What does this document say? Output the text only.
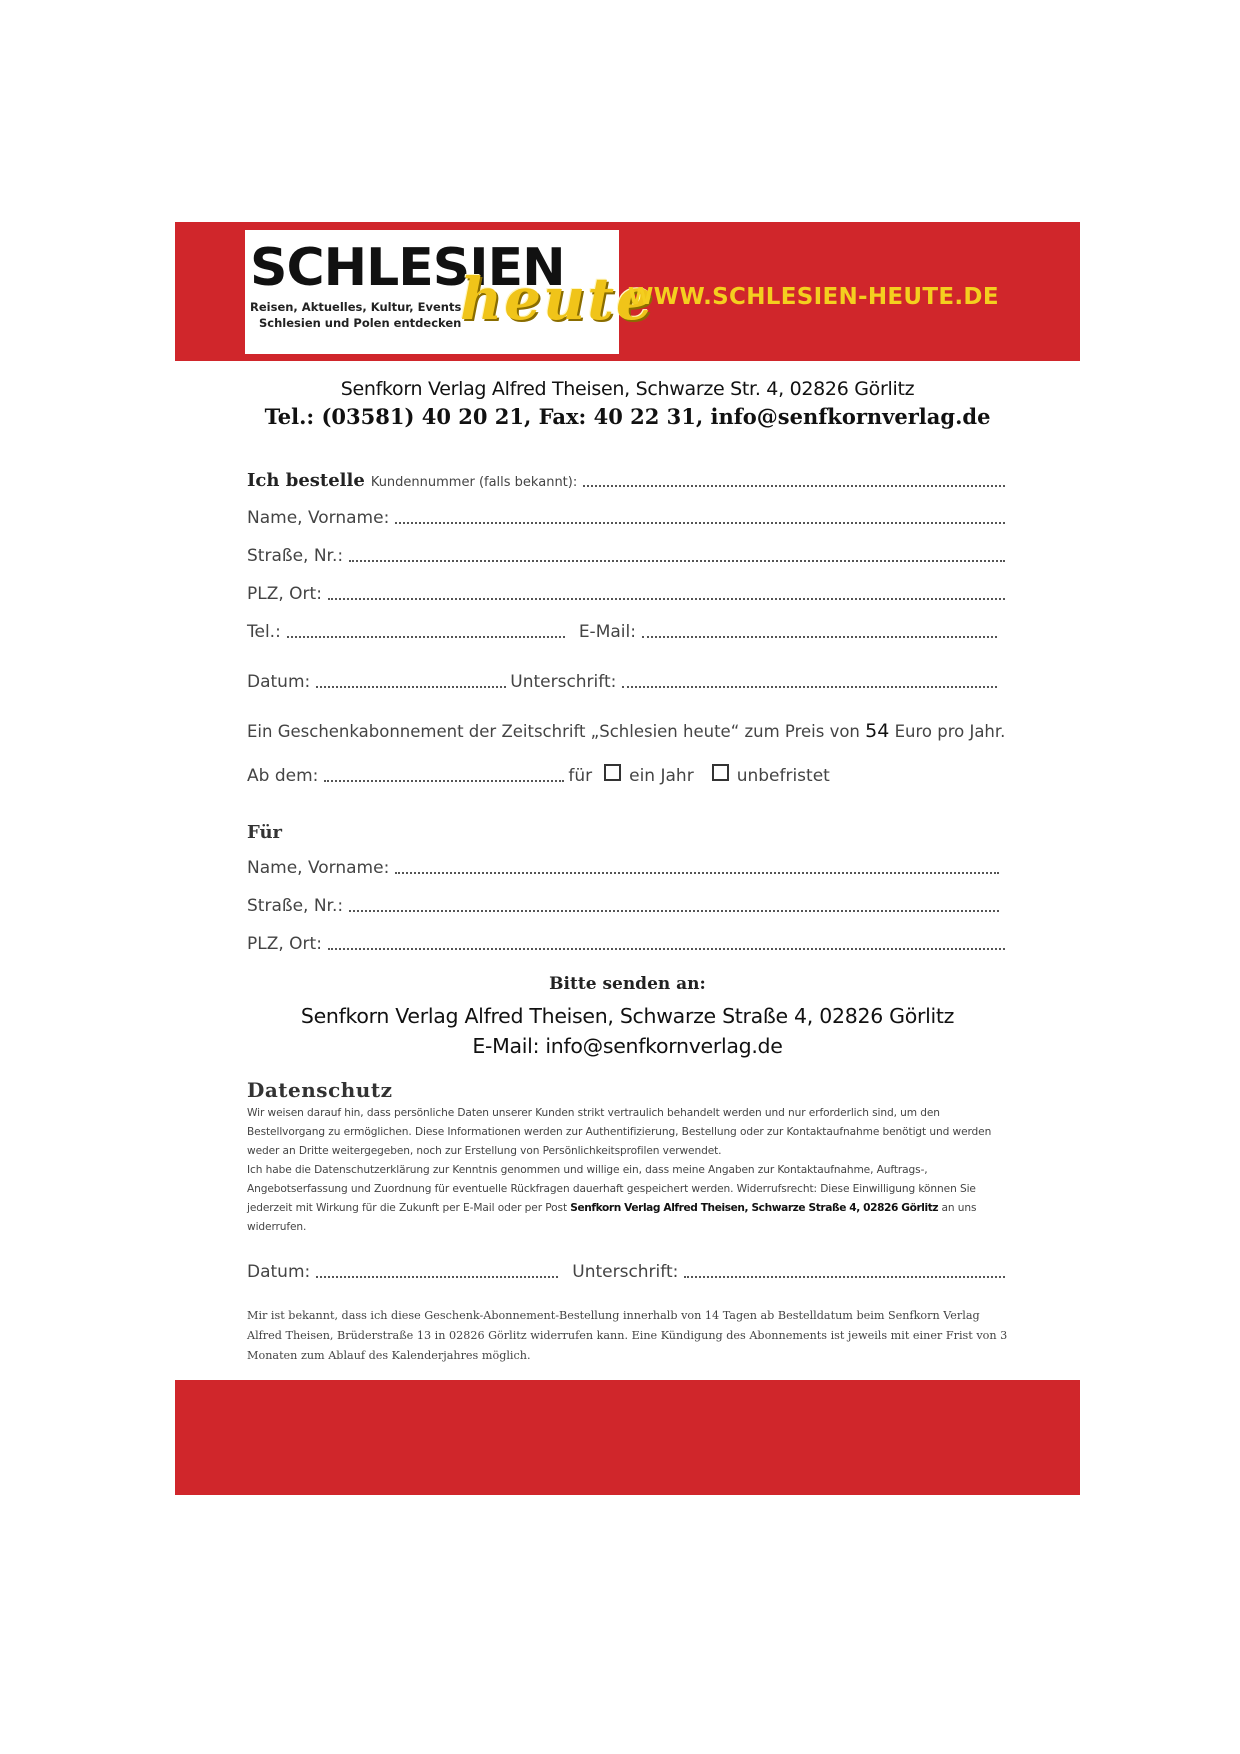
SCHLESIEN
Reisen, Aktuelles, Kultur, Events
Schlesien und Polen entdecken
heute
WWW.SCHLESIEN-HEUTE.DE
Senfkorn Verlag Alfred Theisen, Schwarze Str. 4, 02826 Görlitz
Tel.: (03581) 40 20 21, Fax: 40 22 31, info@senfkornverlag.de
Ich bestelle Kundennummer (falls bekannt):
Name, Vorname:
Straße, Nr.:
PLZ, Ort:
Tel.:	E-Mail:
Datum:	Unterschrift:
Ein Geschenkabonnement der Zeitschrift „Schlesien heute“ zum Preis von 54 Euro pro Jahr.
Ab dem:	für ein Jahr	unbefristet
Für
Name, Vorname:
Straße, Nr.:
PLZ, Ort:
Bitte senden an:
Senfkorn Verlag Alfred Theisen, Schwarze Straße 4, 02826 Görlitz
E-Mail: info@senfkornverlag.de
Datenschutz

Wir weisen darauf hin, dass persönliche Daten unserer Kunden strikt vertraulich behandelt werden und nur erforderlich sind, um den Bestellvorgang zu ermöglichen. Diese Informationen werden zur Authentifizierung, Bestellung oder zur Kontaktaufnahme benötigt und werden weder an Dritte weitergegeben, noch zur Erstellung von Persönlichkeitsprofilen verwendet.

Ich habe die Datenschutzerklärung zur Kenntnis genommen und willige ein, dass meine Angaben zur Kontaktaufnahme, Auftrags-, Angebotserfassung und Zuordnung für eventuelle Rückfragen dauerhaft gespeichert werden. Widerrufsrecht: Diese Einwilligung können Sie jederzeit mit Wirkung für die Zukunft per E-Mail oder per Post Senfkorn Verlag Alfred Theisen, Schwarze Straße 4, 02826 Görlitz an uns widerrufen.

Datum:	Unterschrift:
Mir ist bekannt, dass ich diese Geschenk-Abonnement-Bestellung innerhalb von 14 Tagen ab Bestelldatum beim Senfkorn Verlag Alfred Theisen, Brüderstraße 13 in 02826 Görlitz widerrufen kann. Eine Kündigung des Abonnements ist jeweils mit einer Frist von 3 Monaten zum Ablauf des Kalenderjahres möglich.
